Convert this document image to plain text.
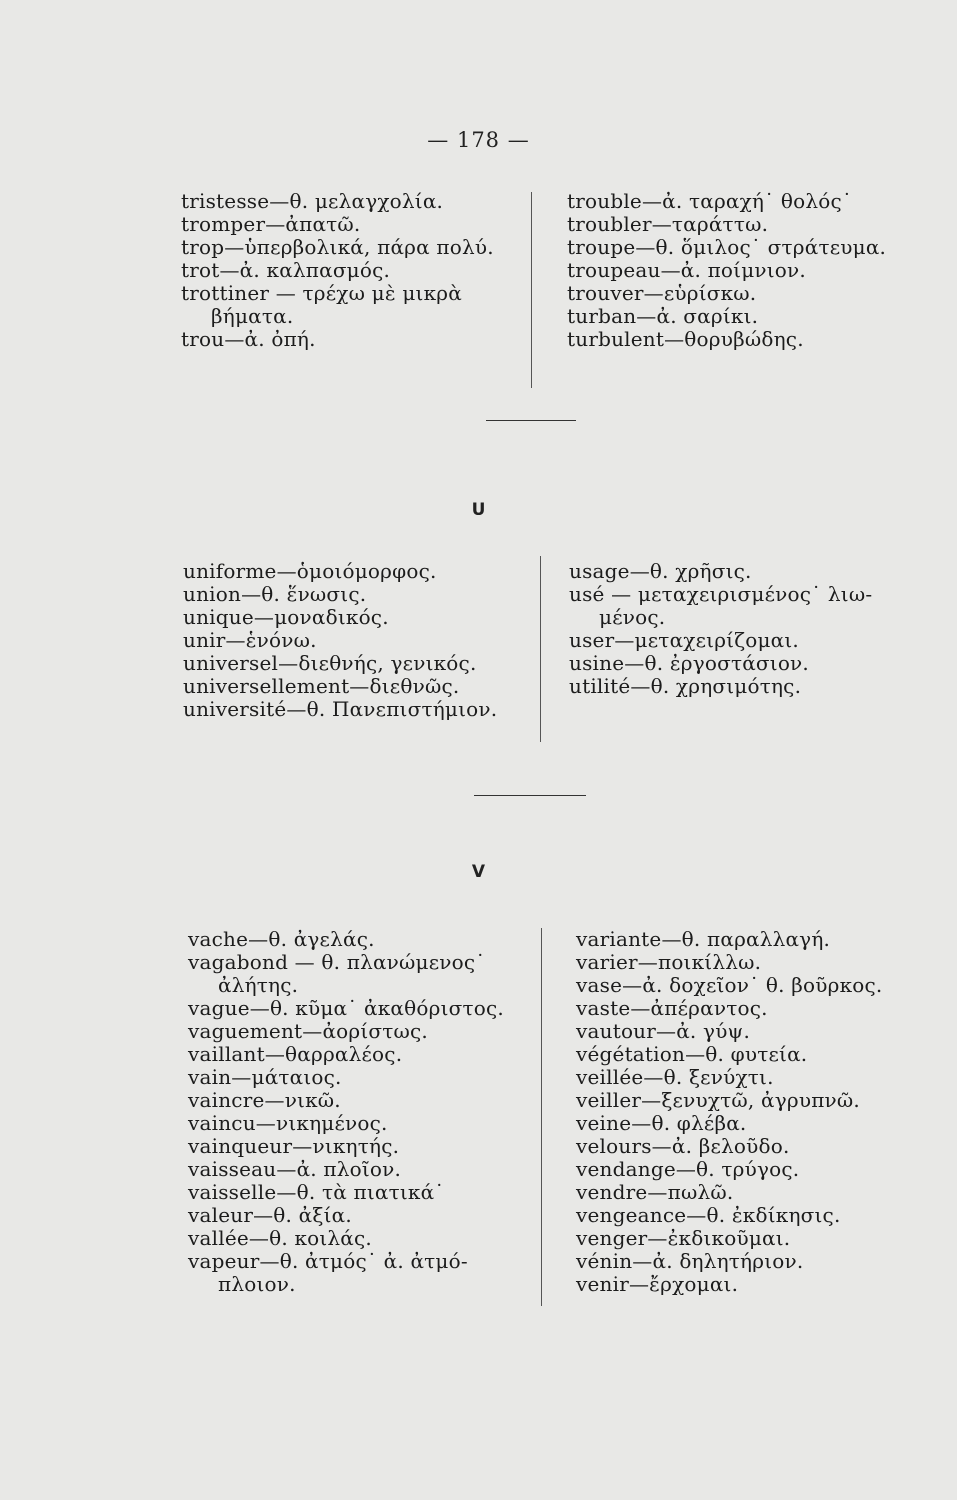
— 178 —
tristesse—θ. μελαγχολία.
tromper—ἀπατῶ.
trop—ὑπερβολικά, πάρα πολύ.
trot—ἀ. καλπασμός.
trottiner — τρέχω μὲ μικρὰ
βήματα.
trou—ἀ. ὀπή.
trouble—ἀ. ταραχή˙ θολός˙
troubler—ταράττω.
troupe—θ. ὅμιλος˙ στράτευμα.
troupeau—ἀ. ποίμνιον.
trouver—εὑρίσκω.
turban—ἀ. σαρίκι.
turbulent—θορυβώδης.
U
uniforme—ὁμοιόμορφος.
union—θ. ἕνωσις.
unique—μοναδικός.
unir—ἑνόνω.
universel—διεθνής, γενικός.
universellement—διεθνῶς.
université—θ. Πανεπιστήμιον.
usage—θ. χρῆσις.
usé — μεταχειρισμένος˙ λιω-
μένος.
user—μεταχειρίζομαι.
usine—θ. ἐργοστάσιον.
utilité—θ. χρησιμότης.
V
vache—θ. ἀγελάς.
vagabond — θ. πλανώμενος˙
ἀλήτης.
vague—θ. κῦμα˙ ἀκαθόριστος.
vaguement—ἀορίστως.
vaillant—θαρραλέος.
vain—μάταιος.
vaincre—νικῶ.
vaincu—νικημένος.
vainqueur—νικητής.
vaisseau—ἀ. πλοῖον.
vaisselle—θ. τὰ πιατικά˙
valeur—θ. ἀξία.
vallée—θ. κοιλάς.
vapeur—θ. ἀτμός˙ ἀ. ἀτμό-
πλοιον.
variante—θ. παραλλαγή.
varier—ποικίλλω.
vase—ἀ. δοχεῖον˙ θ. βοῦρκος.
vaste—ἀπέραντος.
vautour—ἀ. γύψ.
végétation—θ. φυτεία.
veillée—θ. ξενύχτι.
veiller—ξενυχτῶ, ἀγρυπνῶ.
veine—θ. φλέβα.
velours—ἀ. βελοῦδο.
vendange—θ. τρύγος.
vendre—πωλῶ.
vengeance—θ. ἐκδίκησις.
venger—ἐκδικοῦμαι.
vénin—ἀ. δηλητήριον.
venir—ἔρχομαι.
